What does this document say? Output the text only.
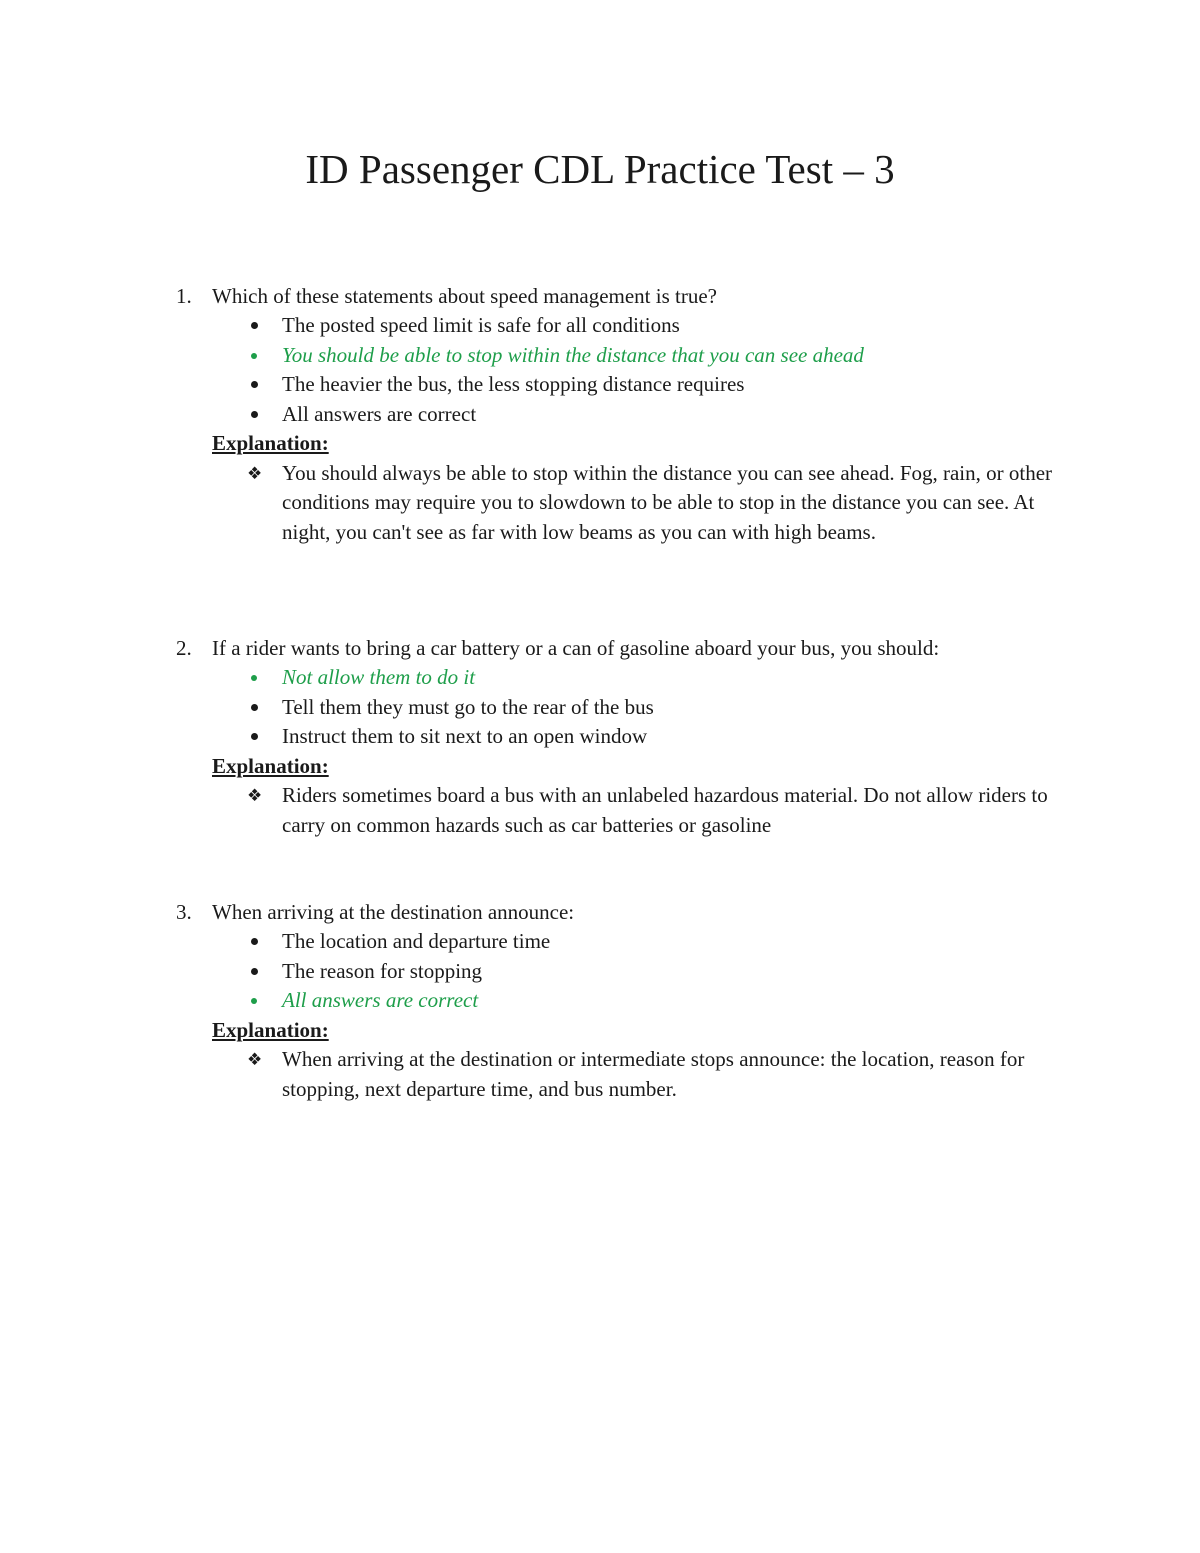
ID Passenger CDL Practice Test – 3
1. Which of these statements about speed management is true?
The posted speed limit is safe for all conditions
You should be able to stop within the distance that you can see ahead
The heavier the bus, the less stopping distance requires
All answers are correct
Explanation:
❖ You should always be able to stop within the distance you can see ahead. Fog, rain, or other conditions may require you to slowdown to be able to stop in the distance you can see. At night, you can't see as far with low beams as you can with high beams.
2. If a rider wants to bring a car battery or a can of gasoline aboard your bus, you should:
Not allow them to do it
Tell them they must go to the rear of the bus
Instruct them to sit next to an open window
Explanation:
❖ Riders sometimes board a bus with an unlabeled hazardous material. Do not allow riders to carry on common hazards such as car batteries or gasoline
3. When arriving at the destination announce:
The location and departure time
The reason for stopping
All answers are correct
Explanation:
❖ When arriving at the destination or intermediate stops announce: the location, reason for stopping, next departure time, and bus number.
